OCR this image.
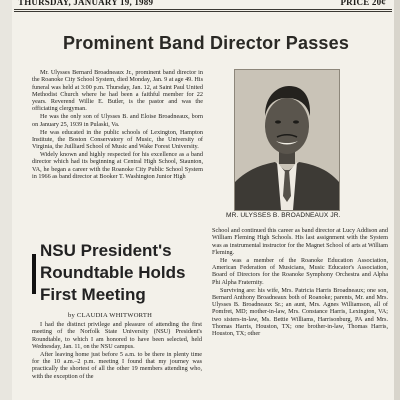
THURSDAY, JANUARY 19, 1989	PRICE 20¢
Prominent Band Director Passes

Mr. Ulysses Bernard Broadneaux Jr., prominent band director in the Roanoke City School System, died Monday, Jan. 9 at age 49. His funeral was held at 3:00 p.m. Thursday, Jan. 12, at Saint Paul United Methodist Church where he had been a faithful member for 22 years. Reverend Willie E. Butler, is the pastor and was the officiating clergyman.

He was the only son of Ulysses B. and Eloise Broadneaux, born on January 25, 1939 in Pulaski, Va.

He was educated in the public schools of Lexington, Hampton Institute, the Boston Conservatory of Music, the University of Virginia, the Juilliard School of Music and Wake Forest University.

Widely known and highly respected for his excellence as a band director which had its beginning at Central High School, Staunton, VA, he began a career with the Roanoke City Public School System in 1966 as band director at Booker T. Washington Junior High

MR. ULYSSES B. BROADNEAUX JR.

School and continued this career as band director at Lucy Addison and William Fleming High Schools. His last assignment with the System was as instrumental instructor for the Magnet School of arts at William Fleming.

He was a member of the Roanoke Education Association, American Federation of Musicians, Music Educator's Association, Board of Directors for the Roanoke Symphony Orchestra and Alpha Phi Alpha Fraternity.

Surviving are: his wife, Mrs. Patricia Harris Broadneaux; one son, Bernard Anthony Broadneaux both of Roanoke; parents, Mr. and Mrs. Ulysses B. Broadneaux Sr.; an aunt, Mrs. Agnes Williamson, all of Pomfret, MD; mother-in-law, Mrs. Constance Harris, Lexington, VA; two sisters-in-law, Ms. Bettie Williams, Harrisonburg, PA and Mrs. Thomas Harris, Houston, TX; one brother-in-law, Thomas Harris, Houston, TX; other

NSU President's Roundtable Holds First Meeting
by CLAUDIA WHITWORTH

I had the distinct privilege and pleasure of attending the first meeting of the Norfolk State University (NSU) President's Roundtable, to which I am honored to have been selected, held Wednesday, Jan. 11, on the NSU campus.

After leaving home just before 5 a.m. to be there in plenty time for the 10 a.m.–2 p.m. meeting I found that my journey was practically the shortest of all the other 19 members attending who, with the exception of the
